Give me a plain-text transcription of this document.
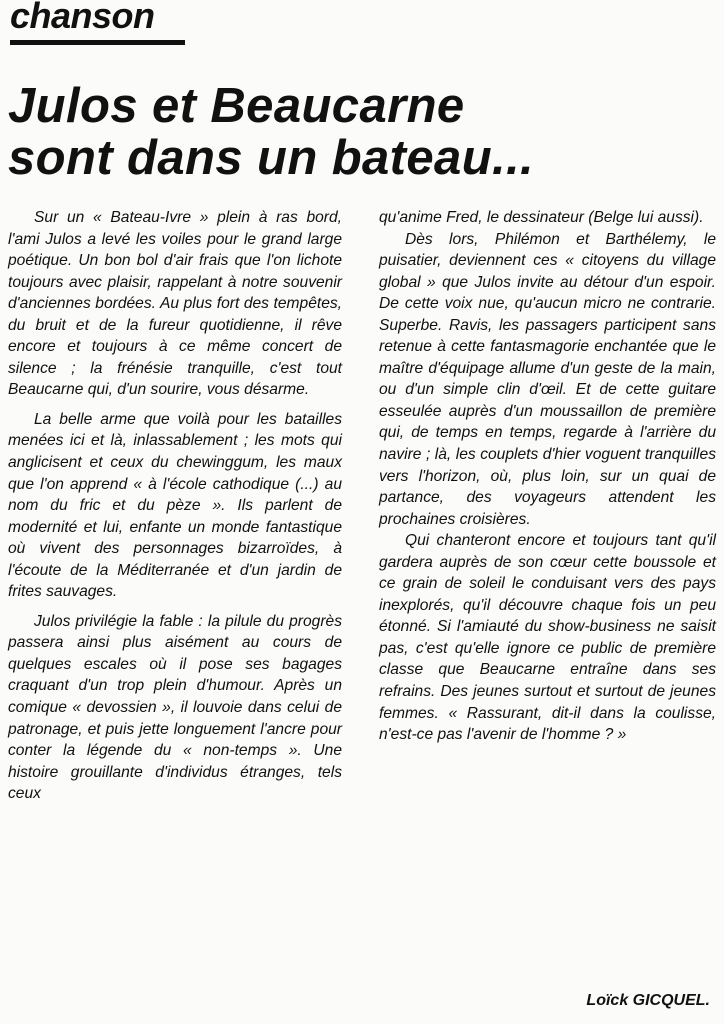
chanson
Julos et Beaucarne
sont dans un bateau...

Sur un « Bateau-Ivre » plein à ras bord, l'ami Julos a levé les voiles pour le grand large poétique. Un bon bol d'air frais que l'on lichote toujours avec plaisir, rappelant à notre souvenir d'anciennes bordées. Au plus fort des tempêtes, du bruit et de la fureur quotidienne, il rêve encore et toujours à ce même concert de silence ; la frénésie tranquille, c'est tout Beaucarne qui, d'un sourire, vous désarme.

La belle arme que voilà pour les batailles menées ici et là, inlassablement ; les mots qui anglicisent et ceux du chewinggum, les maux que l'on apprend « à l'école cathodique (...) au nom du fric et du pèze ». Ils parlent de modernité et lui, enfante un monde fantastique où vivent des personnages bizarroïdes, à l'écoute de la Méditerranée et d'un jardin de frites sauvages.

Julos privilégie la fable : la pilule du progrès passera ainsi plus aisément au cours de quelques escales où il pose ses bagages craquant d'un trop plein d'humour. Après un comique « devossien », il louvoie dans celui de patronage, et puis jette longuement l'ancre pour conter la légende du « non-temps ». Une histoire grouillante d'individus étranges, tels ceux

qu'anime Fred, le dessinateur (Belge lui aussi).

Dès lors, Philémon et Barthélemy, le puisatier, deviennent ces « citoyens du village global » que Julos invite au détour d'un espoir. De cette voix nue, qu'aucun micro ne contrarie. Superbe. Ravis, les passagers participent sans retenue à cette fantasmagorie enchantée que le maître d'équipage allume d'un geste de la main, ou d'un simple clin d'œil. Et de cette guitare esseulée auprès d'un moussaillon de première qui, de temps en temps, regarde à l'arrière du navire ; là, les couplets d'hier voguent tranquilles vers l'horizon, où, plus loin, sur un quai de partance, des voyageurs attendent les prochaines croisières.

Qui chanteront encore et toujours tant qu'il gardera auprès de son cœur cette boussole et ce grain de soleil le conduisant vers des pays inexplorés, qu'il découvre chaque fois un peu étonné. Si l'amiauté du show-business ne saisit pas, c'est qu'elle ignore ce public de première classe que Beaucarne entraîne dans ses refrains. Des jeunes surtout et surtout de jeunes femmes. « Rassurant, dit-il dans la coulisse, n'est-ce pas l'avenir de l'homme ? »

Loïck GICQUEL.
